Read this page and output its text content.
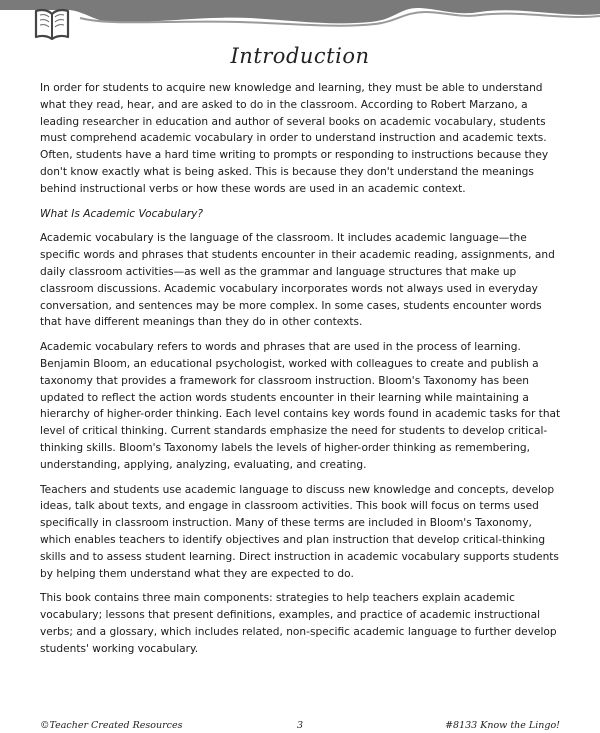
Introduction

In order for students to acquire new knowledge and learning, they must be able to understand what they read, hear, and are asked to do in the classroom. According to Robert Marzano, a leading researcher in education and author of several books on academic vocabulary, students must comprehend academic vocabulary in order to understand instruction and academic texts. Often, students have a hard time writing to prompts or responding to instructions because they don't know exactly what is being asked. This is because they don't understand the meanings behind instructional verbs or how these words are used in an academic context.

What Is Academic Vocabulary?

Academic vocabulary is the language of the classroom. It includes academic language—the specific words and phrases that students encounter in their academic reading, assignments, and daily classroom activities—as well as the grammar and language structures that make up classroom discussions. Academic vocabulary incorporates words not always used in everyday conversation, and sentences may be more complex. In some cases, students encounter words that have different meanings than they do in other contexts.

Academic vocabulary refers to words and phrases that are used in the process of learning. Benjamin Bloom, an educational psychologist, worked with colleagues to create and publish a taxonomy that provides a framework for classroom instruction. Bloom's Taxonomy has been updated to reflect the action words students encounter in their learning while maintaining a hierarchy of higher-order thinking. Each level contains key words found in academic tasks for that level of critical thinking. Current standards emphasize the need for students to develop critical-thinking skills. Bloom's Taxonomy labels the levels of higher-order thinking as remembering, understanding, applying, analyzing, evaluating, and creating.

Teachers and students use academic language to discuss new knowledge and concepts, develop ideas, talk about texts, and engage in classroom activities. This book will focus on terms used specifically in classroom instruction. Many of these terms are included in Bloom's Taxonomy, which enables teachers to identify objectives and plan instruction that develop critical-thinking skills and to assess student learning. Direct instruction in academic vocabulary supports students by helping them understand what they are expected to do.

This book contains three main components: strategies to help teachers explain academic vocabulary; lessons that present definitions, examples, and practice of academic instructional verbs; and a glossary, which includes related, non-specific academic language to further develop students' working vocabulary.

©Teacher Created Resources	3	#8133 Know the Lingo!
